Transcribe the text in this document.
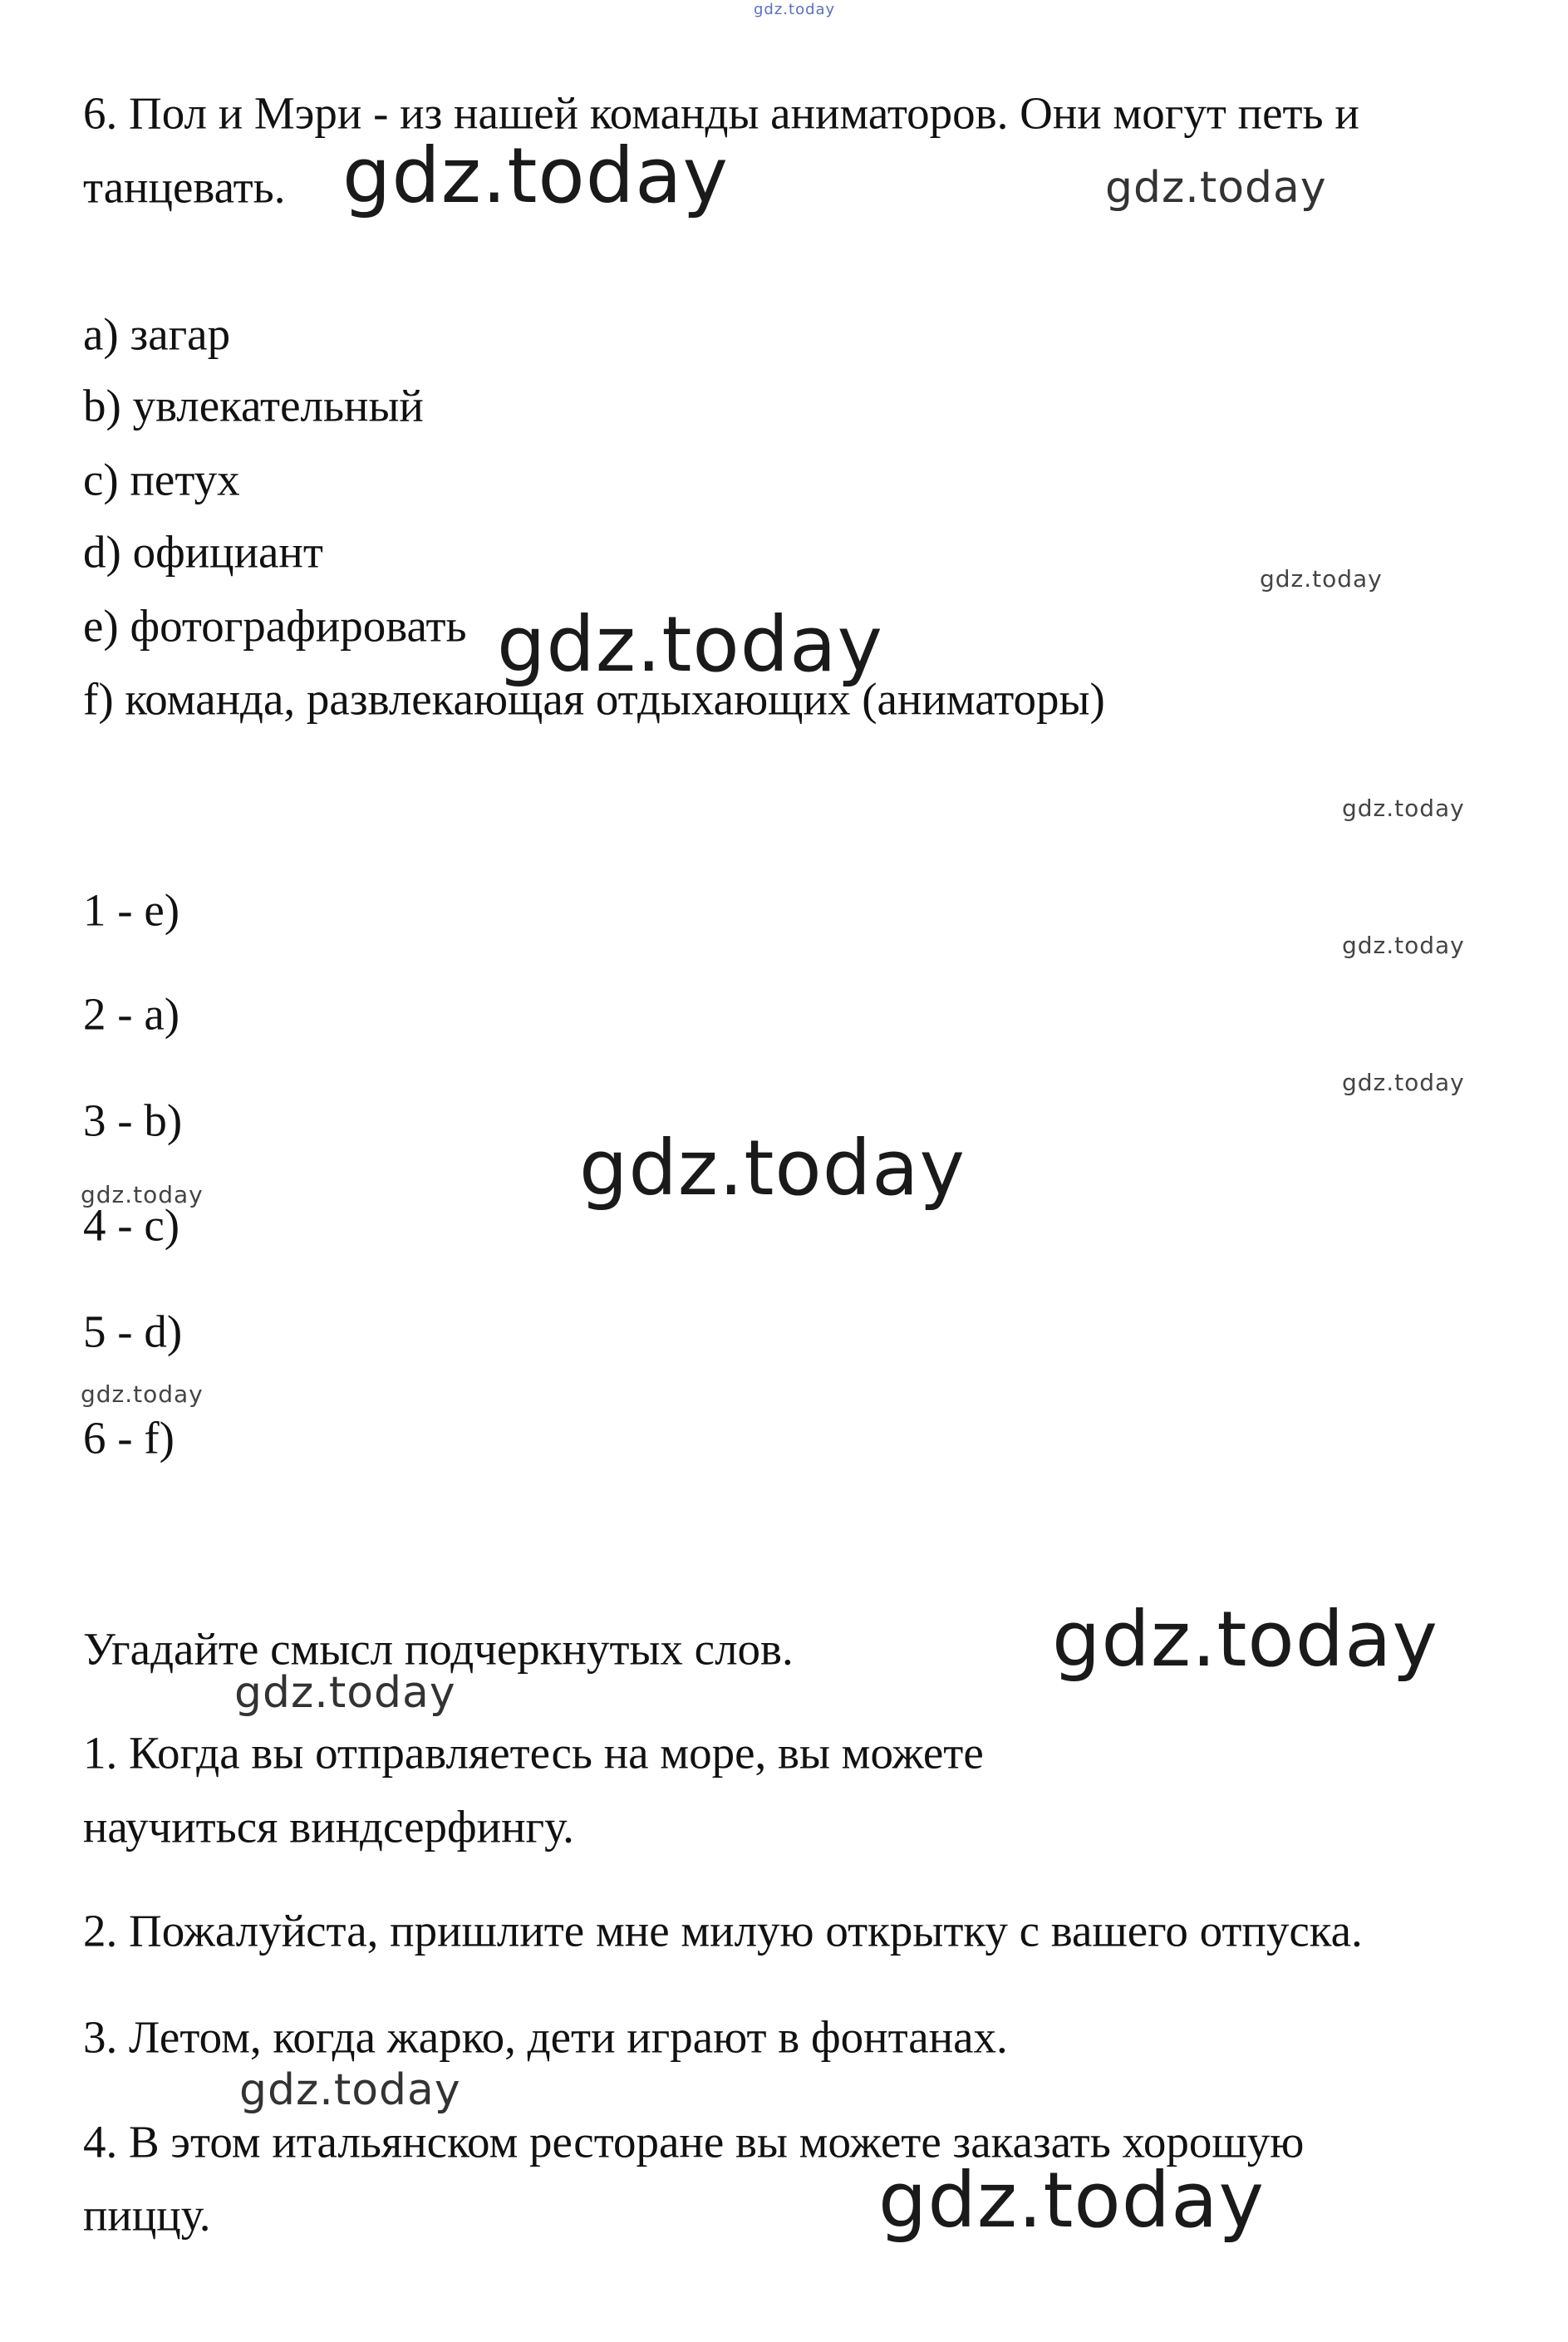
6. Пол и Мэри - из нашей команды аниматоров. Они могут петь и

танцевать.

a) загар

b) увлекательный

c) петух

d) официант

e) фотографировать

f) команда, развлекающая отдыхающих (аниматоры)

1 - e)

2 - a)

3 - b)

4 - c)

5 - d)

6 - f)

Угадайте смысл подчеркнутых слов.

1. Когда вы отправляетесь на море, вы можете

научиться виндсерфингу.

2. Пожалуйста, пришлите мне милую открытку с вашего отпуска.

3. Летом, когда жарко, дети играют в фонтанах.

4. В этом итальянском ресторане вы можете заказать хорошую

пиццу.

gdz.today
gdz.today	gdz.today
gdz.today
gdz.today
gdz.today
gdz.today
gdz.today
gdz.today
gdz.today
gdz.today
gdz.today
gdz.today
gdz.today
gdz.today
